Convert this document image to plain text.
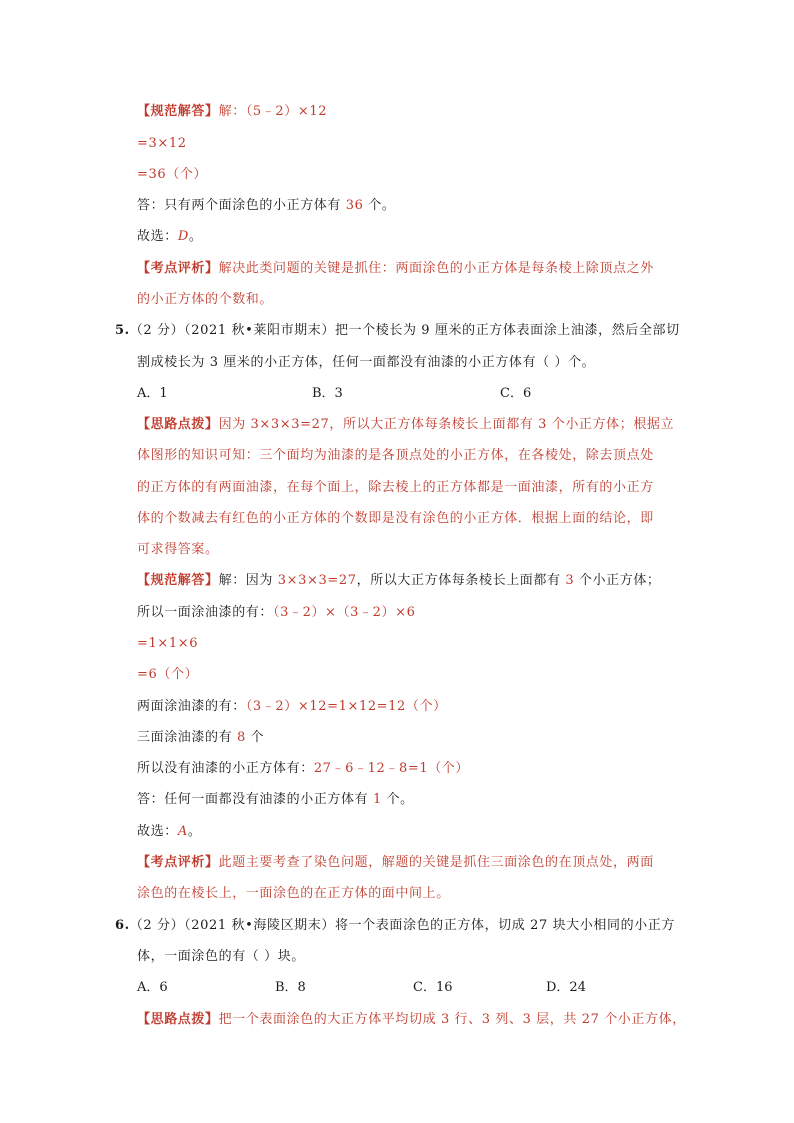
【规范解答】解：（5﹣2）×12
=3×12
=36（个）
答：只有两个面涂色的小正方体有 36 个。
故选：D。
【考点评析】解决此类问题的关键是抓住：两面涂色的小正方体是每条棱上除顶点之外
的小正方体的个数和。
5.（2 分）（2021 秋•莱阳市期末）把一个棱长为 9 厘米的正方体表面涂上油漆，然后全部切
割成棱长为 3 厘米的小正方体，任何一面都没有油漆的小正方体有（ ）个。
A．1	B．3	C．6
【思路点拨】因为 3×3×3=27，所以大正方体每条棱长上面都有 3 个小正方体；根据立
体图形的知识可知：三个面均为油漆的是各顶点处的小正方体，在各棱处，除去顶点处
的正方体的有两面油漆，在每个面上，除去棱上的正方体都是一面油漆，所有的小正方
体的个数减去有红色的小正方体的个数即是没有涂色的小正方体．根据上面的结论，即
可求得答案。
【规范解答】解：因为 3×3×3=27，所以大正方体每条棱长上面都有 3 个小正方体；
所以一面涂油漆的有：（3﹣2）×（3﹣2）×6
=1×1×6
=6（个）
两面涂油漆的有：（3﹣2）×12=1×12=12（个）
三面涂油漆的有 8 个
所以没有油漆的小正方体有：27﹣6﹣12﹣8=1（个）
答：任何一面都没有油漆的小正方体有 1 个。
故选：A。
【考点评析】此题主要考查了染色问题，解题的关键是抓住三面涂色的在顶点处，两面
涂色的在棱长上，一面涂色的在正方体的面中间上。
6.（2 分）（2021 秋•海陵区期末）将一个表面涂色的正方体，切成 27 块大小相同的小正方
体，一面涂色的有（ ）块。
A．6	B．8	C．16	D．24
【思路点拨】把一个表面涂色的大正方体平均切成 3 行、3 列、3 层，共 27 个小正方体，
